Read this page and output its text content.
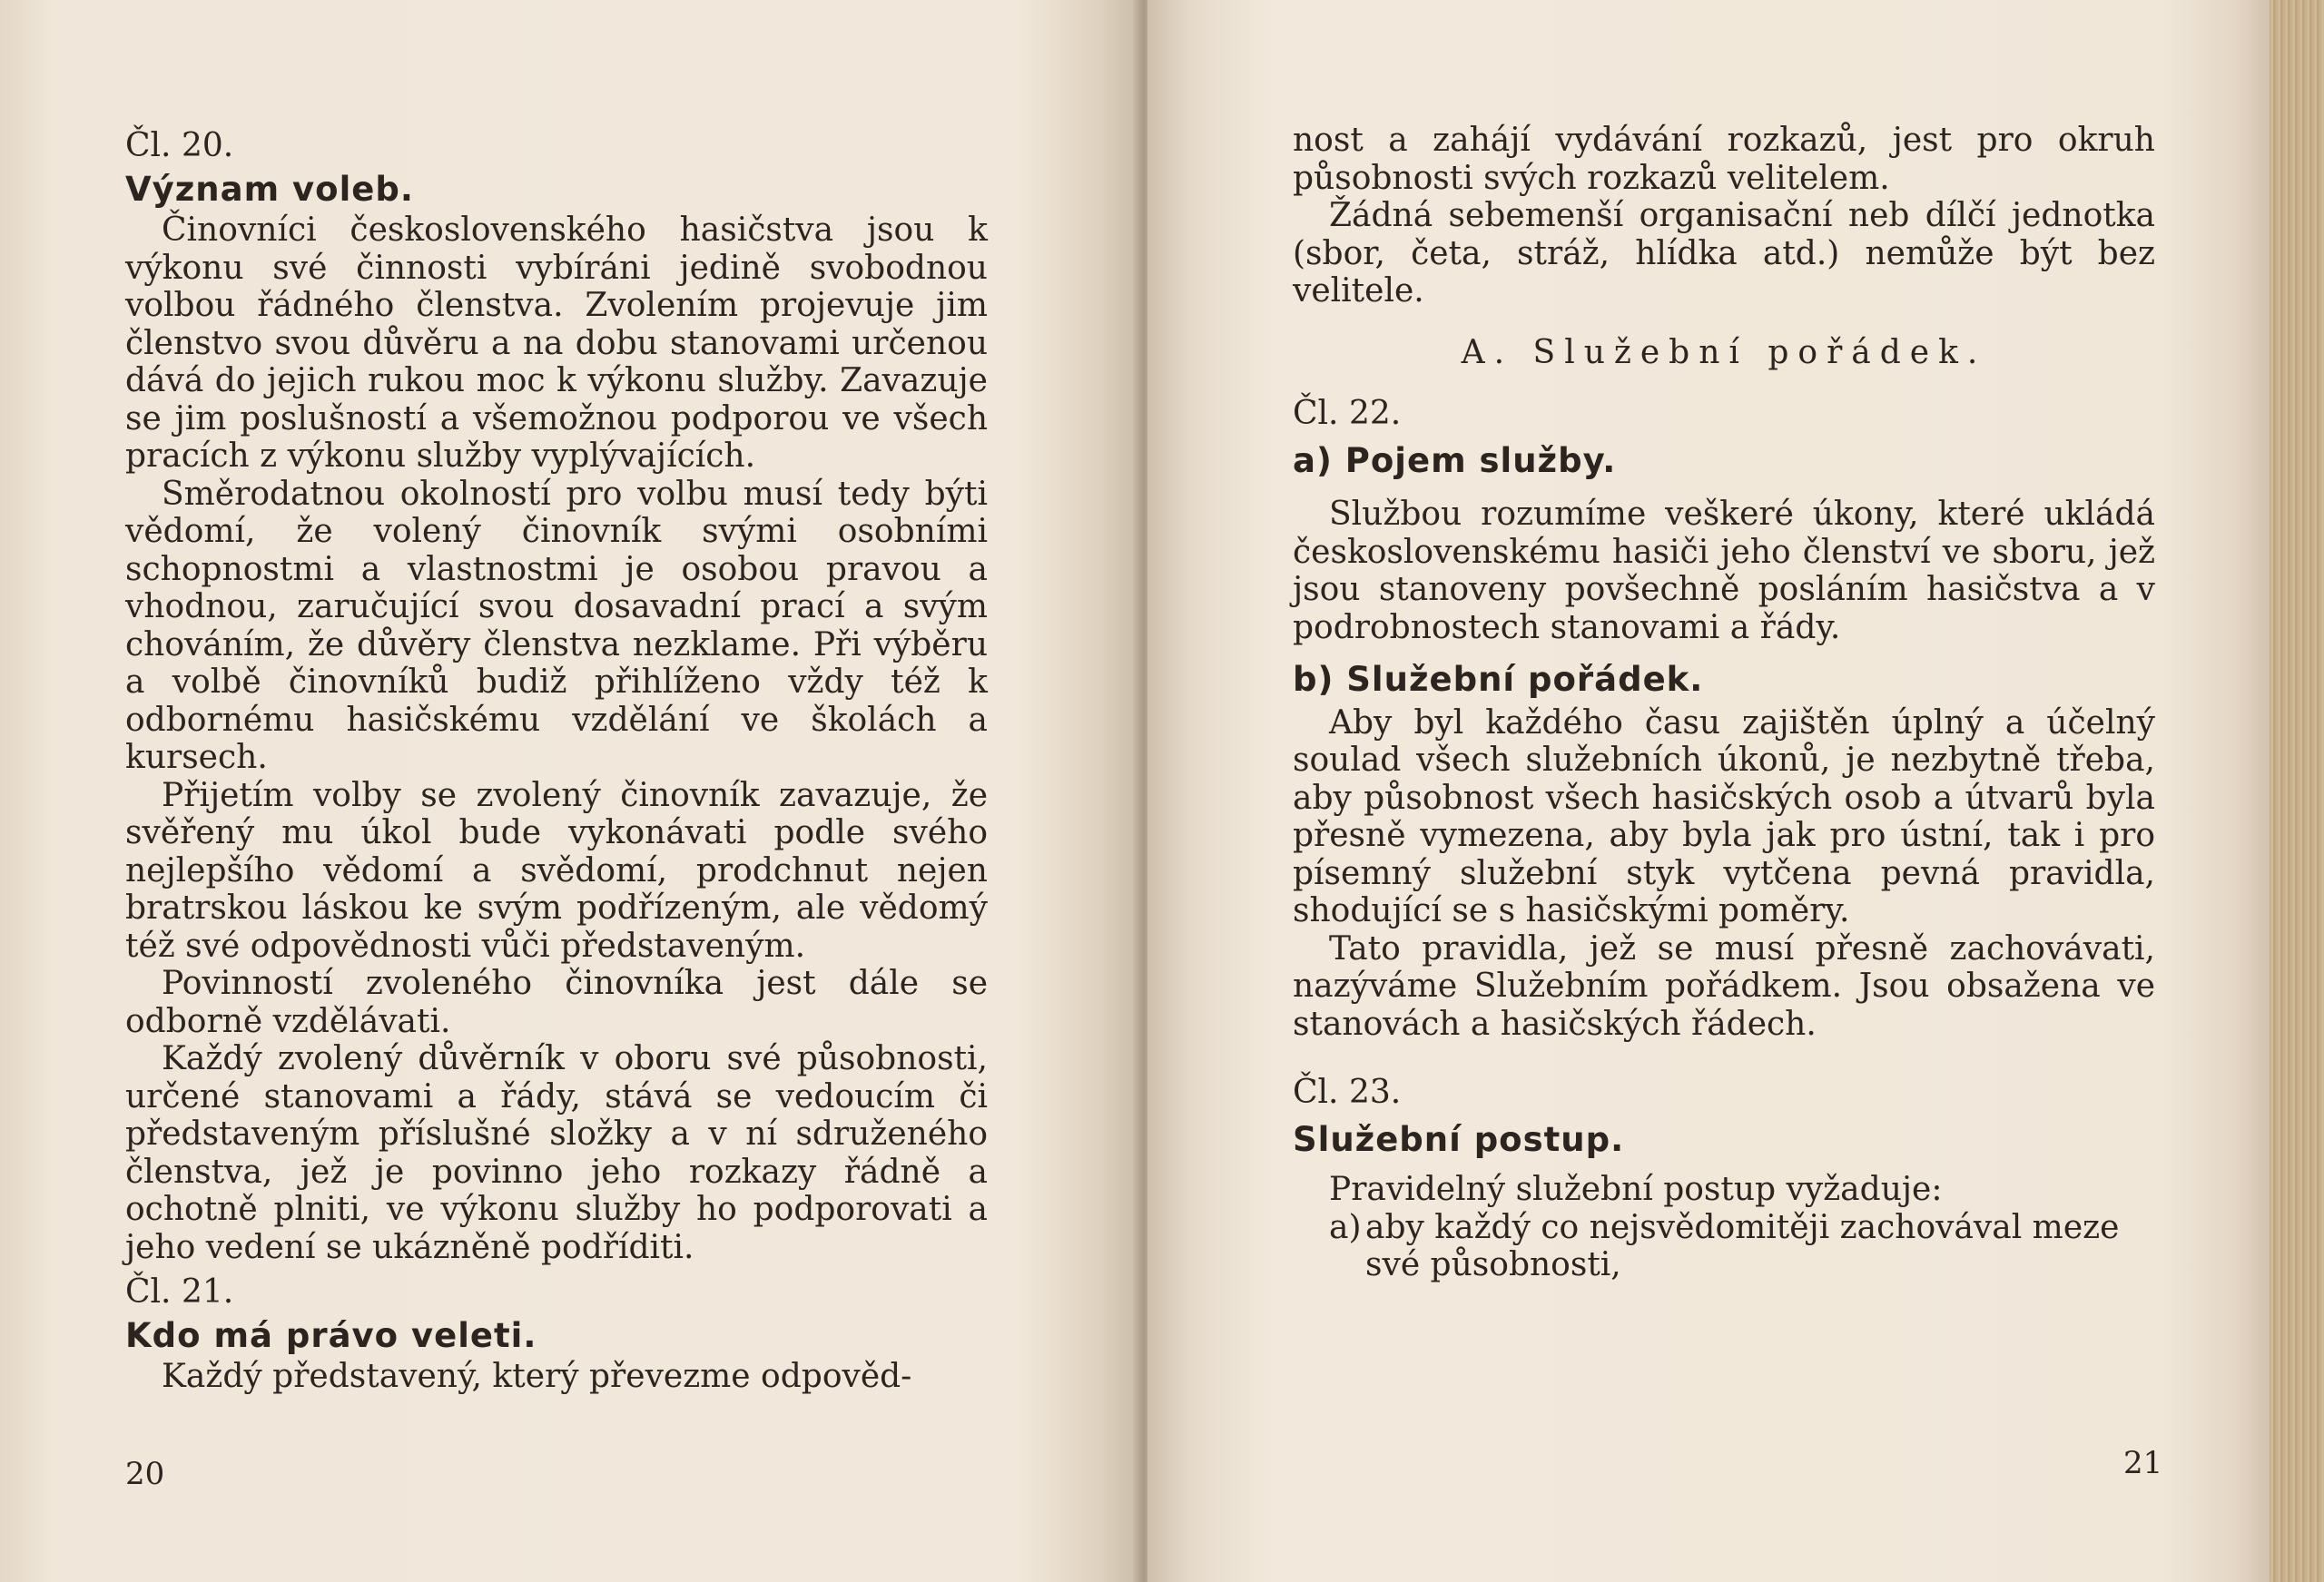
Čl. 20.

Význam voleb.

Činovníci československého hasičstva jsou k výkonu své činnosti vybíráni jedině svobodnou volbou řádného členstva. Zvolením projevuje jim členstvo svou důvěru a na dobu stanovami určenou dává do jejich rukou moc k výkonu služby. Zavazuje se jim poslušností a všemožnou podporou ve všech pracích z výkonu služby vyplývajících.

Směrodatnou okolností pro volbu musí tedy býti vědomí, že volený činovník svými osobními schopnostmi a vlastnostmi je osobou pravou a vhodnou, zaručující svou dosavadní prací a svým chováním, že důvěry členstva nezklame. Při výběru a volbě činovníků budiž přihlíženo vždy též k odbornému hasičskému vzdělání ve školách a kursech.

Přijetím volby se zvolený činovník zavazuje, že svěřený mu úkol bude vykonávati podle svého nejlepšího vědomí a svědomí, prodchnut nejen bratrskou láskou ke svým podřízeným, ale vědomý též své odpovědnosti vůči představeným.

Povinností zvoleného činovníka jest dále se odborně vzdělávati.

Každý zvolený důvěrník v oboru své působnosti, určené stanovami a řády, stává se vedoucím či představeným příslušné složky a v ní sdruženého členstva, jež je povinno jeho rozkazy řádně a ochotně plniti, ve výkonu služby ho podporovati a jeho vedení se ukázněně podříditi.

Čl. 21.

Kdo má právo veleti.

Každý představený, který převezme odpověd-

20

nost a zahájí vydávání rozkazů, jest pro okruh působnosti svých rozkazů velitelem.

Žádná sebemenší organisační neb dílčí jednotka (sbor, četa, stráž, hlídka atd.) nemůže být bez velitele.

A. Služební pořádek.

Čl. 22.

a) Pojem služby.

Službou rozumíme veškeré úkony, které ukládá československému hasiči jeho členství ve sboru, jež jsou stanoveny povšechně posláním hasičstva a v podrobnostech stanovami a řády.

b) Služební pořádek.

Aby byl každého času zajištěn úplný a účelný soulad všech služebních úkonů, je nezbytně třeba, aby působnost všech hasičských osob a útvarů byla přesně vymezena, aby byla jak pro ústní, tak i pro písemný služební styk vytčena pevná pravidla, shodující se s hasičskými poměry.

Tato pravidla, jež se musí přesně zachovávati, nazýváme Služebním pořádkem. Jsou obsažena ve stanovách a hasičských řádech.

Čl. 23.

Služební postup.

Pravidelný služební postup vyžaduje:

a) aby každý co nejsvědomitěji zachovával meze své působnosti,
21
